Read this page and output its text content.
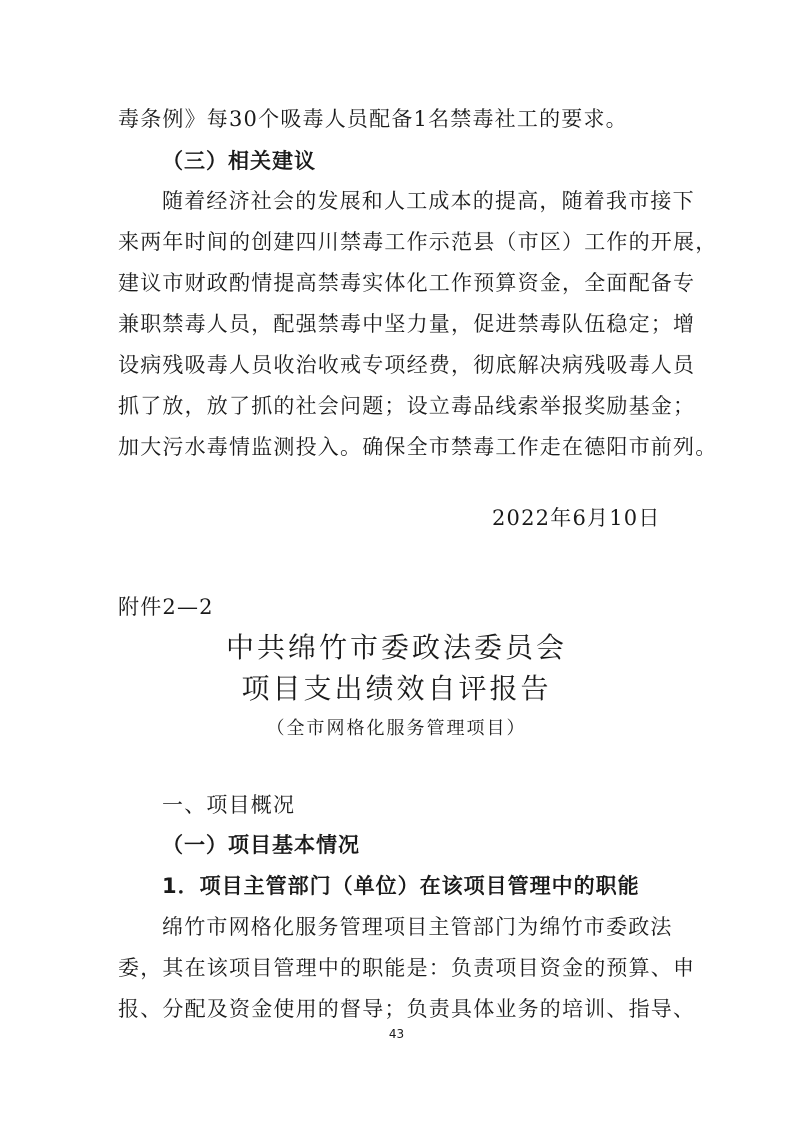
毒条例》每30个吸毒人员配备1名禁毒社工的要求。
（三）相关建议
随着经济社会的发展和人工成本的提高，随着我市接下
来两年时间的创建四川禁毒工作示范县（市区）工作的开展，
建议市财政酌情提高禁毒实体化工作预算资金，全面配备专
兼职禁毒人员，配强禁毒中坚力量，促进禁毒队伍稳定；增
设病残吸毒人员收治收戒专项经费，彻底解决病残吸毒人员
抓了放，放了抓的社会问题；设立毒品线索举报奖励基金；
加大污水毒情监测投入。确保全市禁毒工作走在德阳市前列。
2022年6月10日
附件2—2
中共绵竹市委政法委员会
项目支出绩效自评报告
（全市网格化服务管理项目）
一、项目概况
（一）项目基本情况
1．项目主管部门（单位）在该项目管理中的职能
绵竹市网格化服务管理项目主管部门为绵竹市委政法
委，其在该项目管理中的职能是：负责项目资金的预算、申
报、分配及资金使用的督导；负责具体业务的培训、指导、
43
